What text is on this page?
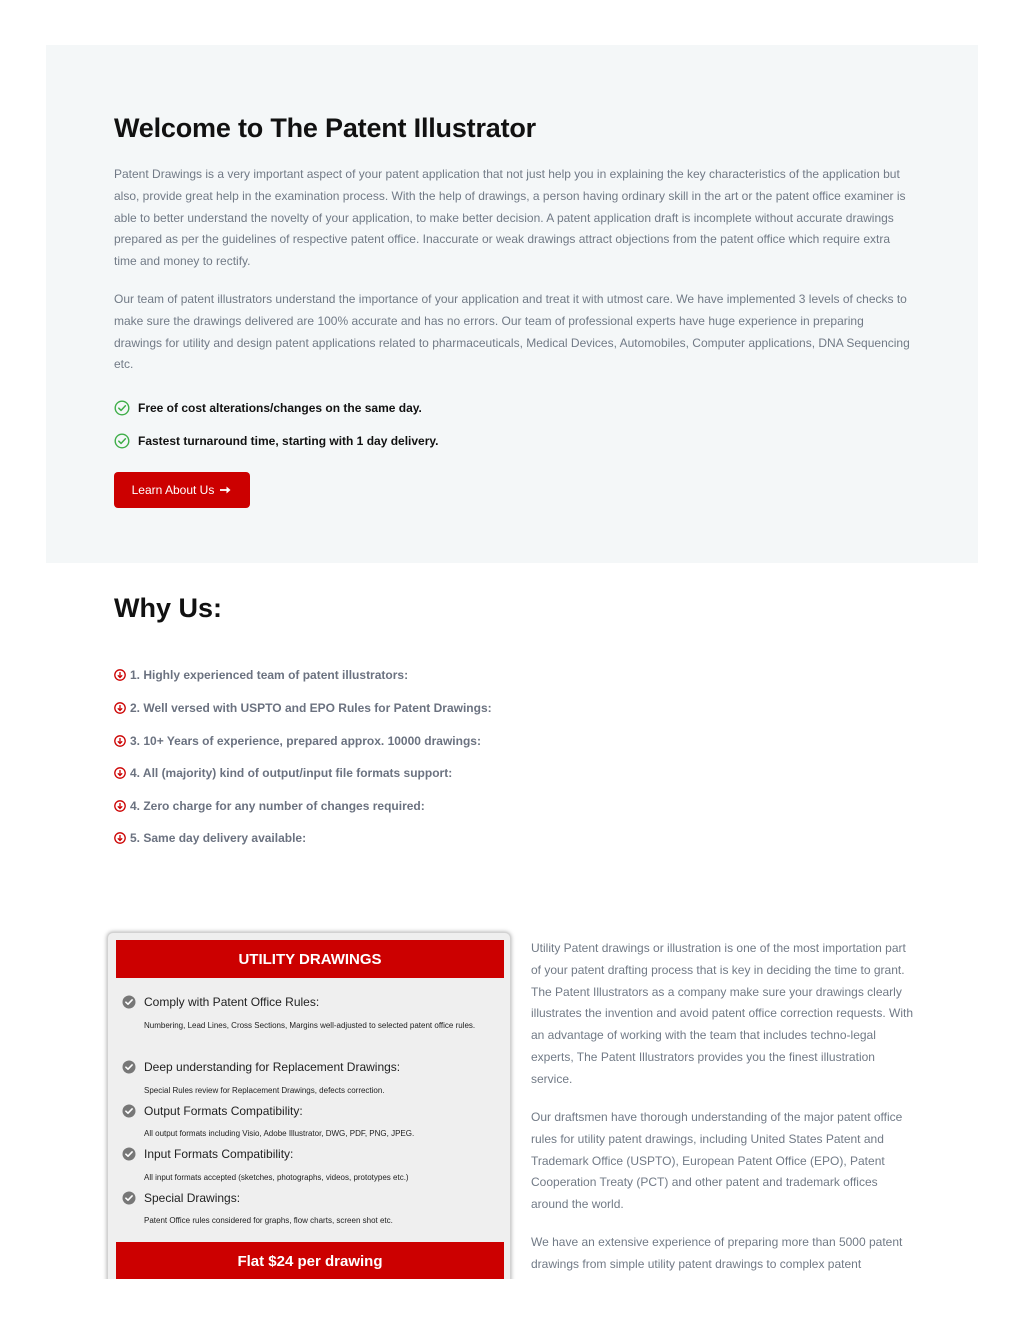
Welcome to The Patent Illustrator

Patent Drawings is a very important aspect of your patent application that not just help you in explaining the key characteristics of the application but also, provide great help in the examination process. With the help of drawings, a person having ordinary skill in the art or the patent office examiner is able to better understand the novelty of your application, to make better decision. A patent application draft is incomplete without accurate drawings prepared as per the guidelines of respective patent office. Inaccurate or weak drawings attract objections from the patent office which require extra time and money to rectify.

Our team of patent illustrators understand the importance of your application and treat it with utmost care. We have implemented 3 levels of checks to make sure the drawings delivered are 100% accurate and has no errors. Our team of professional experts have huge experience in preparing drawings for utility and design patent applications related to pharmaceuticals, Medical Devices, Automobiles, Computer applications, DNA Sequencing etc.

Free of cost alterations/changes on the same day.
Fastest turnaround time, starting with 1 day delivery.
Learn About Us
Why Us:
1. Highly experienced team of patent illustrators:
2. Well versed with USPTO and EPO Rules for Patent Drawings:
3. 10+ Years of experience, prepared approx. 10000 drawings:
4. All (majority) kind of output/input file formats support:
4. Zero charge for any number of changes required:
5. Same day delivery available:
UTILITY DRAWINGS
Comply with Patent Office Rules:

Numbering, Lead Lines, Cross Sections, Margins well-adjusted to selected patent office rules.

Deep understanding for Replacement Drawings:

Special Rules review for Replacement Drawings, defects correction.

Output Formats Compatibility:

All output formats including Visio, Adobe Illustrator, DWG, PDF, PNG, JPEG.

Input Formats Compatibility:

All input formats accepted (sketches, photographs, videos, prototypes etc.)

Special Drawings:

Patent Office rules considered for graphs, flow charts, screen shot etc.

Flat $24 per drawing

Utility Patent drawings or illustration is one of the most importation part of your patent drafting process that is key in deciding the time to grant. The Patent Illustrators as a company make sure your drawings clearly illustrates the invention and avoid patent office correction requests. With an advantage of working with the team that includes techno-legal experts, The Patent Illustrators provides you the finest illustration service.

Our draftsmen have thorough understanding of the major patent office rules for utility patent drawings, including United States Patent and Trademark Office (USPTO), European Patent Office (EPO), Patent Cooperation Treaty (PCT) and other patent and trademark offices around the world.

We have an extensive experience of preparing more than 5000 patent drawings from simple utility patent drawings to complex patent
